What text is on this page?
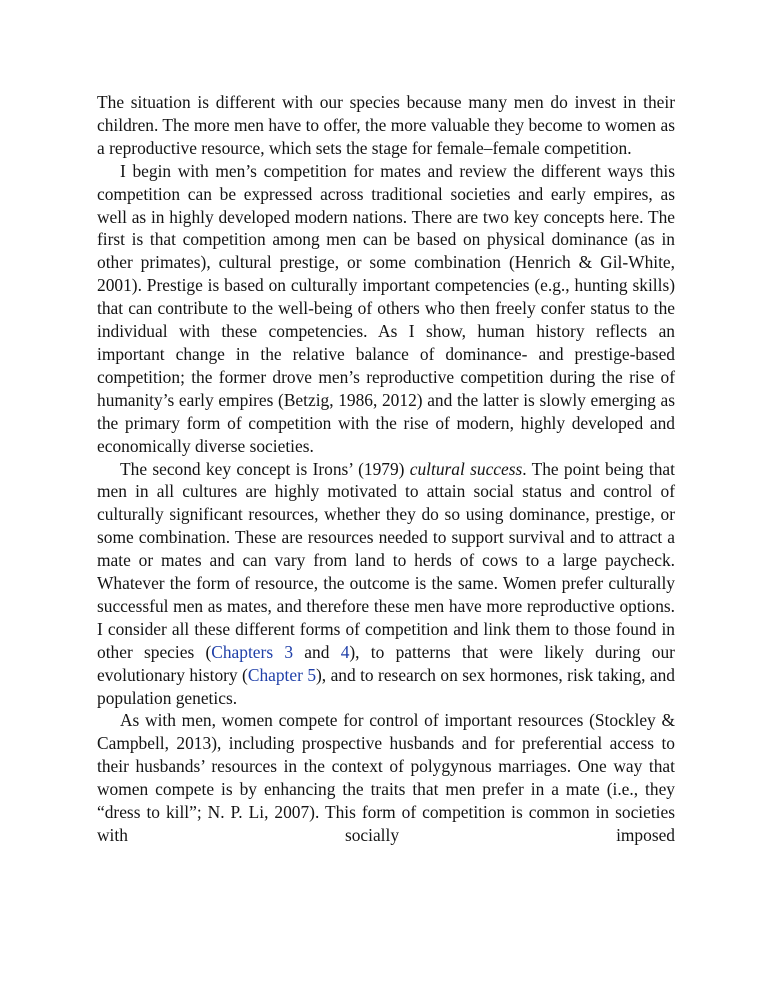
The situation is different with our species because many men do invest in their children. The more men have to offer, the more valuable they become to women as a reproductive resource, which sets the stage for female–female competition.

I begin with men’s competition for mates and review the different ways this competition can be expressed across traditional societies and early empires, as well as in highly developed modern nations. There are two key concepts here. The first is that competition among men can be based on physical dominance (as in other primates), cultural prestige, or some combination (Henrich & Gil-White, 2001). Prestige is based on culturally important competencies (e.g., hunting skills) that can contribute to the well-being of others who then freely confer status to the individual with these competencies. As I show, human history reflects an important change in the relative balance of dominance- and prestige-based competition; the former drove men’s reproductive competition during the rise of humanity’s early empires (Betzig, 1986, 2012) and the latter is slowly emerging as the primary form of competition with the rise of modern, highly developed and economically diverse societies.

The second key concept is Irons’ (1979) cultural success. The point being that men in all cultures are highly motivated to attain social status and control of culturally significant resources, whether they do so using dominance, prestige, or some combination. These are resources needed to support survival and to attract a mate or mates and can vary from land to herds of cows to a large paycheck. Whatever the form of resource, the outcome is the same. Women prefer culturally successful men as mates, and therefore these men have more reproductive options. I consider all these different forms of competition and link them to those found in other species (Chapters 3 and 4), to patterns that were likely during our evolutionary history (Chapter 5), and to research on sex hormones, risk taking, and population genetics.

As with men, women compete for control of important resources (Stockley & Campbell, 2013), including prospective husbands and for preferential access to their husbands’ resources in the context of polygynous marriages. One way that women compete is by enhancing the traits that men prefer in a mate (i.e., they “dress to kill”; N. P. Li, 2007). This form of competition is common in societies with socially imposed
